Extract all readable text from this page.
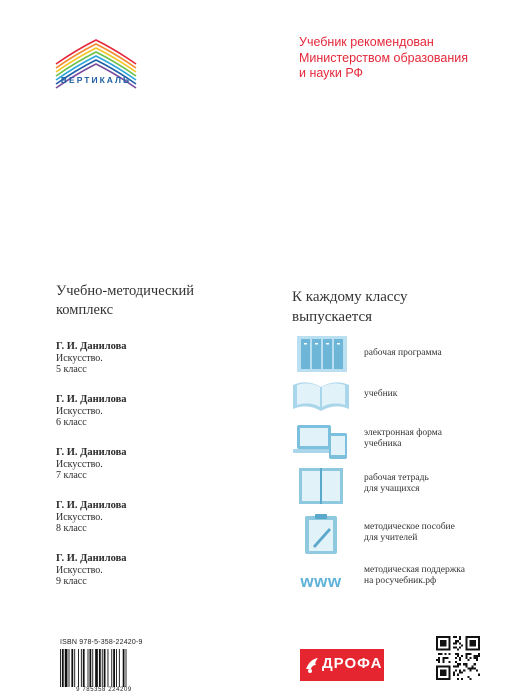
ВЕРТИКАЛЬ
Учебник рекомендован
Министерством образования
и науки РФ
Учебно-методический
комплекс
Г. И. Данилова
Искусство.
5 класс
Г. И. Данилова
Искусство.
6 класс
Г. И. Данилова
Искусство.
7 класс
Г. И. Данилова
Искусство.
8 класс
Г. И. Данилова
Искусство.
9 класс
К каждому классу
выпускается
рабочая программа
учебник
электронная форма
учебника
рабочая тетрадь
для учащихся
методическое пособие
для учителей
www
методическая поддержка
на росучебник.рф
ISBN 978-5-358-22420-9
9 785358 224209
ДРОФА
